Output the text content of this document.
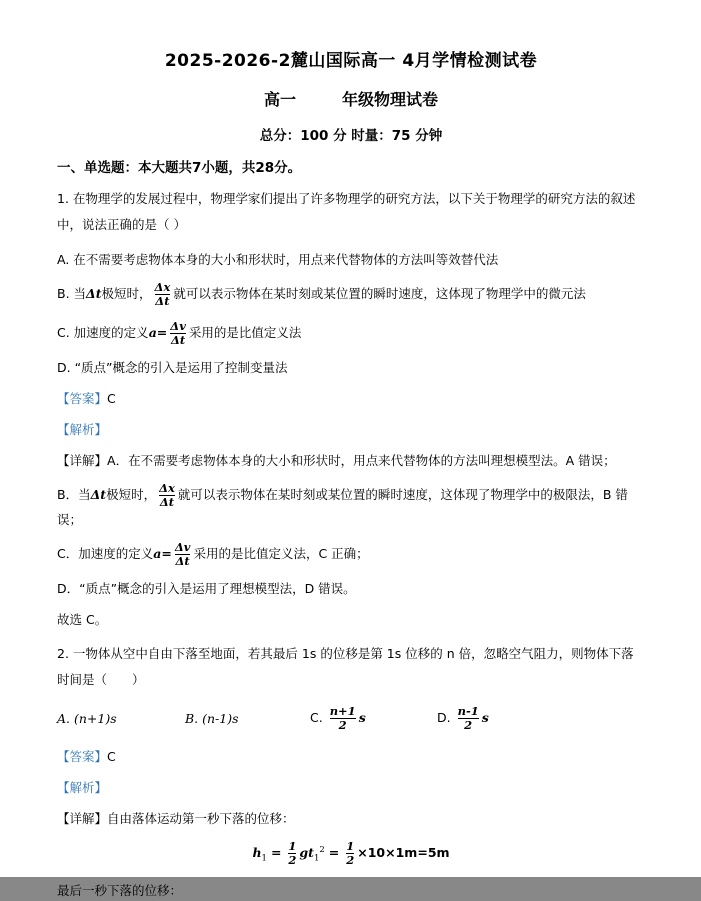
2025-2026-2麓山国际高一 4月学情检测试卷
高一	年级物理试卷
总分：100 分 时量：75 分钟
一、单选题：本大题共7小题，共28分。

1. 在物理学的发展过程中，物理学家们提出了许多物理学的研究方法，以下关于物理学的研究方法的叙述中，说法正确的是（ ）

A. 在不需要考虑物体本身的大小和形状时，用点来代替物体的方法叫等效替代法

B. 当Δt极短时， $\frac{\Delta x}{\Delta t}$ 就可以表示物体在某时刻或某位置的瞬时速度，这体现了物理学中的微元法

C. 加速度的定义$a= \frac{\Delta v}{\Delta t}$ 采用的是比值定义法

D. “质点”概念的引入是运用了控制变量法

【答案】C

【解析】

【详解】A．在不需要考虑物体本身的大小和形状时，用点来代替物体的方法叫理想模型法。A 错误；

B．当Δt极短时， $\frac{\Delta x}{\Delta t}$ 就可以表示物体在某时刻或某位置的瞬时速度，这体现了物理学中的极限法，B 错误；

C．加速度的定义$a= \frac{\Delta v}{\Delta t}$ 采用的是比值定义法，C 正确；

D．“质点”概念的引入是运用了理想模型法，D 错误。

故选 C。

2. 一物体从空中自由下落至地面，若其最后 1s 的位移是第 1s 位移的 n 倍，忽略空气阻力，则物体下落时间是（　　）

A. (n+1)s	B. (n-1)s	C. $\frac{n+1}{2}$ s	D. $\frac{n-1}{2}$ s

【答案】C

【解析】

【详解】自由落体运动第一秒下落的位移：

$h_1 = \frac{1}{2} gt_1^2 = \frac{1}{2} \times 10\times 1m=5m$

最后一秒下落的位移：
